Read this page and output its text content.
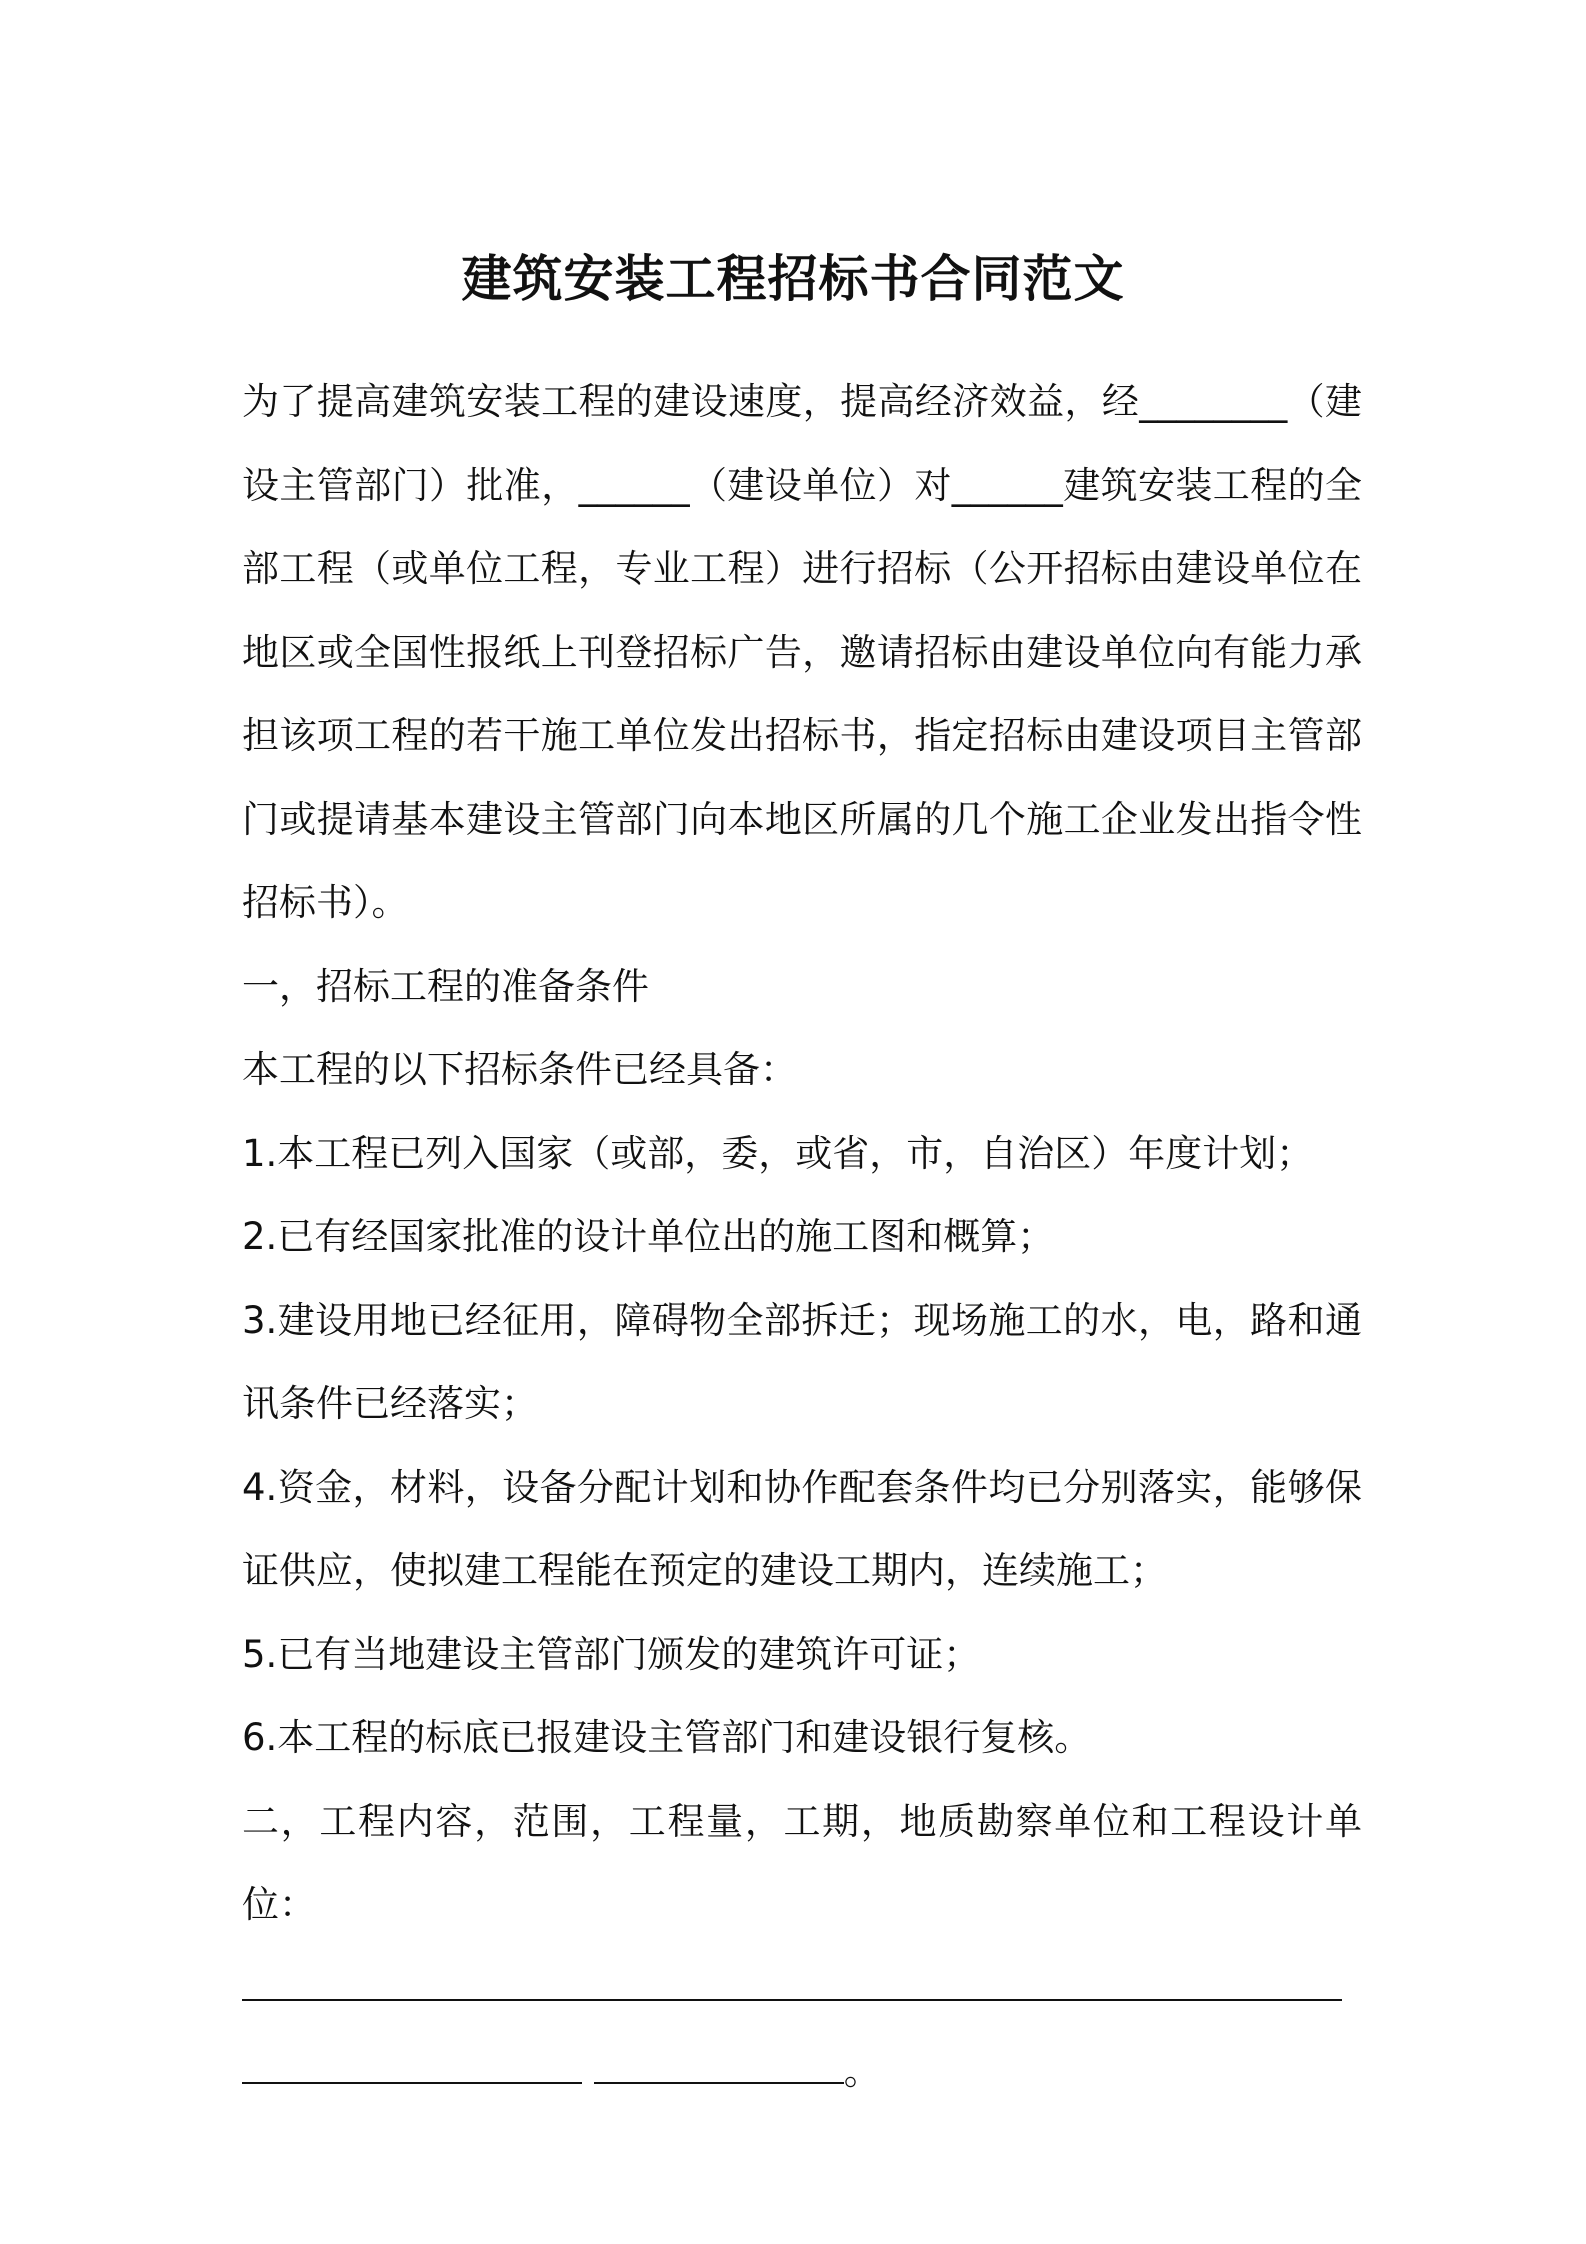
建筑安装工程招标书合同范文

为了提高建筑安装工程的建设速度，提高经济效益，经________（建设主管部门）批准，______（建设单位）对______建筑安装工程的全部工程（或单位工程，专业工程）进行招标（公开招标由建设单位在地区或全国性报纸上刊登招标广告，邀请招标由建设单位向有能力承担该项工程的若干施工单位发出招标书，指定招标由建设项目主管部门或提请基本建设主管部门向本地区所属的几个施工企业发出指令性招标书）。

一，招标工程的准备条件

本工程的以下招标条件已经具备：

1.本工程已列入国家（或部，委，或省，市，自治区）年度计划；

2.已有经国家批准的设计单位出的施工图和概算；

3.建设用地已经征用，障碍物全部拆迁；现场施工的水，电，路和通讯条件已经落实；

4.资金，材料，设备分配计划和协作配套条件均已分别落实，能够保证供应，使拟建工程能在预定的建设工期内，连续施工；

5.已有当地建设主管部门颁发的建筑许可证；

6.本工程的标底已报建设主管部门和建设银行复核。

二，工程内容，范围，工程量，工期，地质勘察单位和工程设计单位：

。
